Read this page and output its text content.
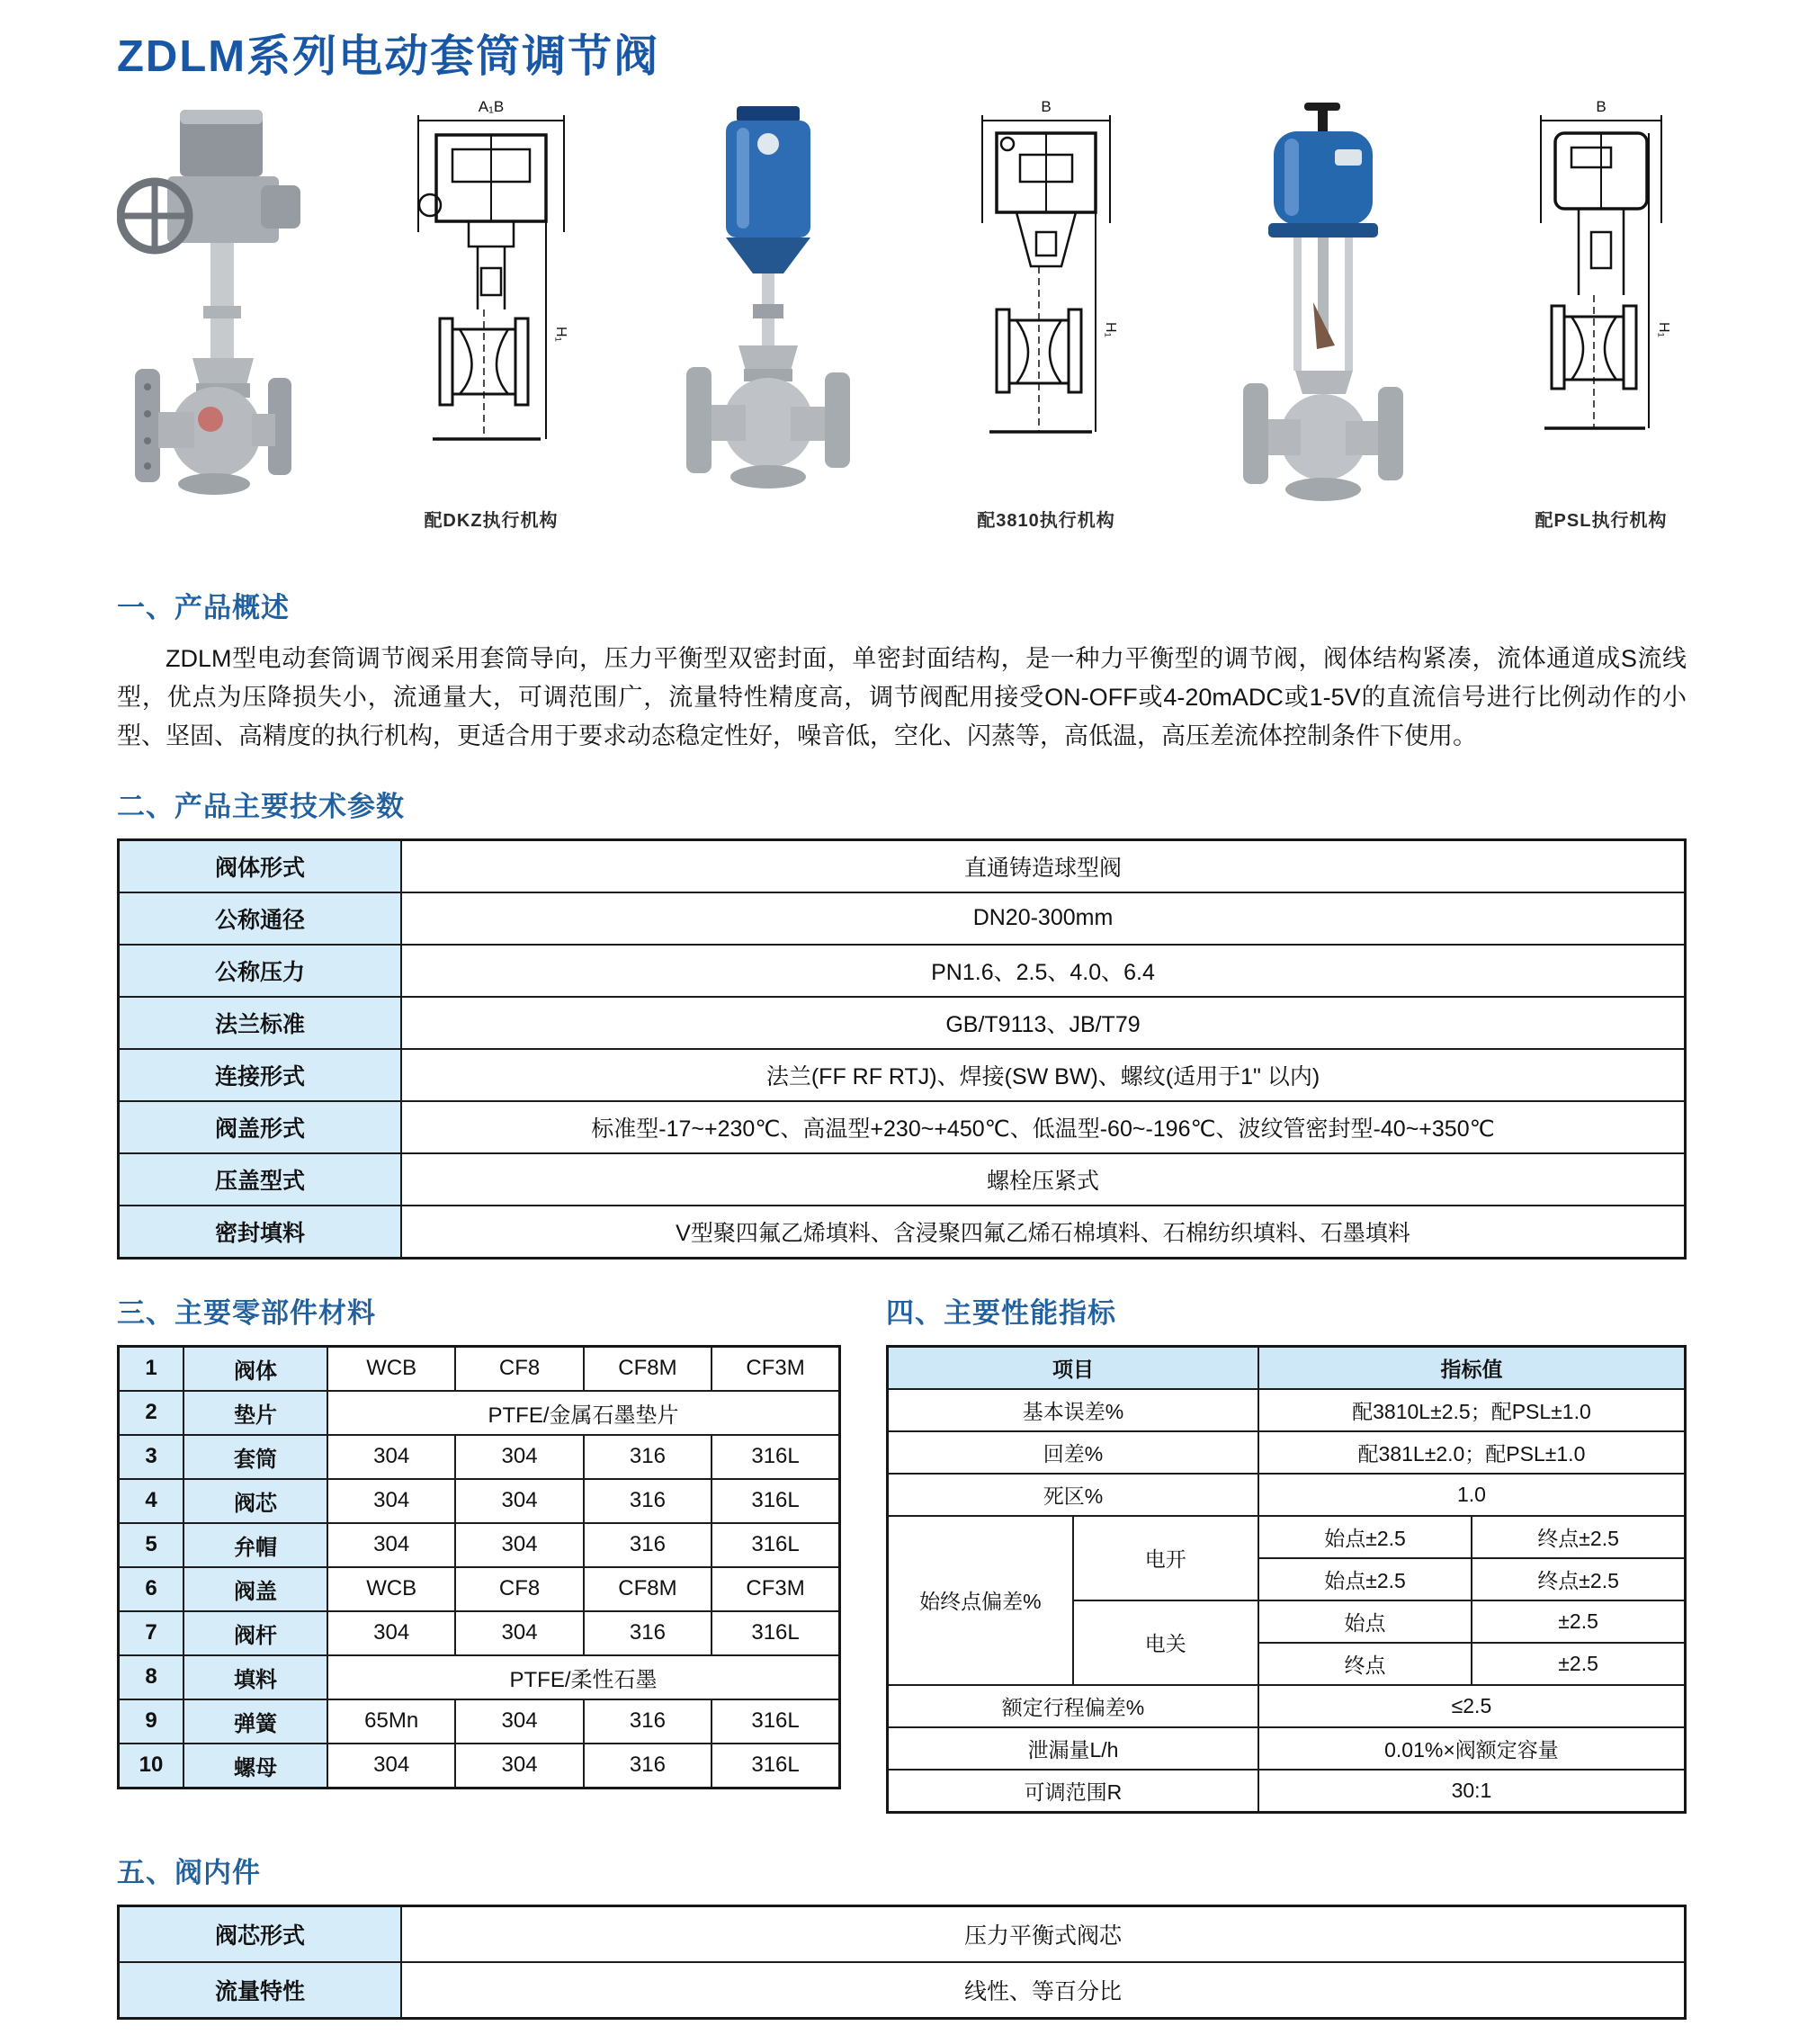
ZDLM系列电动套筒调节阀
A₁B
H₁
配DKZ执行机构
B
H₁
配3810执行机构
B
H₁
配PSL执行机构
一、产品概述

ZDLM型电动套筒调节阀采用套筒导向，压力平衡型双密封面，单密封面结构，是一种力平衡型的调节阀，阀体结构紧凑，流体通道成S流线型，优点为压降损失小，流通量大，可调范围广，流量特性精度高，调节阀配用接受ON-OFF或4-20mADC或1-5V的直流信号进行比例动作的小型、坚固、高精度的执行机构，更适合用于要求动态稳定性好，噪音低，空化、闪蒸等，高低温，高压差流体控制条件下使用。

二、产品主要技术参数
阀体形式	直通铸造球型阀
公称通径	DN20-300mm
公称压力	PN1.6、2.5、4.0、6.4
法兰标准	GB/T9113、JB/T79
连接形式	法兰(FF RF RTJ)、焊接(SW BW)、螺纹(适用于1" 以内)
阀盖形式	标准型-17~+230℃、高温型+230~+450℃、低温型-60~-196℃、波纹管密封型-40~+350℃
压盖型式	螺栓压紧式
密封填料	V型聚四氟乙烯填料、含浸聚四氟乙烯石棉填料、石棉纺织填料、石墨填料
三、主要零部件材料
1	阀体	WCB	CF8	CF8M	CF3M
2	垫片	PTFE/金属石墨垫片			
3	套筒	304	304	316	316L
4	阀芯	304	304	316	316L
5	弁帽	304	304	316	316L
6	阀盖	WCB	CF8	CF8M	CF3M
7	阀杆	304	304	316	316L
8	填料	PTFE/柔性石墨			
9	弹簧	65Mn	304	316	316L
10	螺母	304	304	316	316L
四、主要性能指标
项目		指标值	
基本误差%		配3810L±2.5；配PSL±1.0	
回差%		配381L±2.0；配PSL±1.0	
死区%		1.0	
始终点偏差%	电开	始点±2.5	终点±2.5
		始点±2.5	终点±2.5
	电关	始点	±2.5
		终点	±2.5
额定行程偏差%		≤2.5	
泄漏量L/h		0.01%×阀额定容量	
可调范围R		30:1	
五、阀内件
阀芯形式	压力平衡式阀芯
流量特性	线性、等百分比
